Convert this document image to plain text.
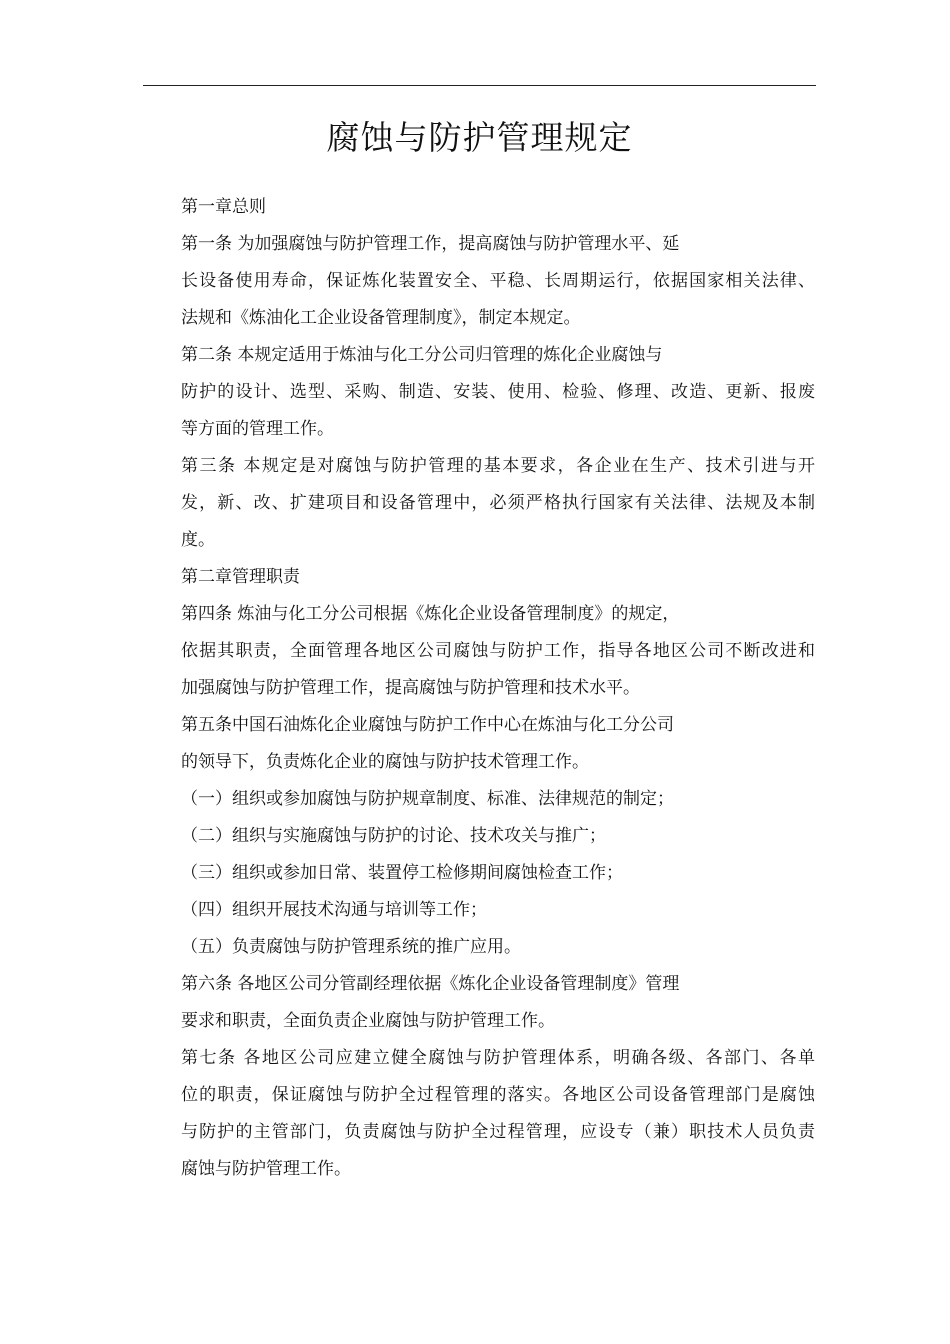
腐蚀与防护管理规定
第一章总则
第一条 为加强腐蚀与防护管理工作，提高腐蚀与防护管理水平、延
长设备使用寿命，保证炼化装置安全、平稳、长周期运行，依据国家相关法律、
法规和《炼油化工企业设备管理制度》，制定本规定。
第二条 本规定适用于炼油与化工分公司归管理的炼化企业腐蚀与
防护的设计、选型、采购、制造、安装、使用、检验、修理、改造、更新、报废
等方面的管理工作。
第三条 本规定是对腐蚀与防护管理的基本要求，各企业在生产、技术引进与开
发，新、改、扩建项目和设备管理中，必须严格执行国家有关法律、法规及本制
度。
第二章管理职责
第四条 炼油与化工分公司根据《炼化企业设备管理制度》的规定，
依据其职责，全面管理各地区公司腐蚀与防护工作，指导各地区公司不断改进和
加强腐蚀与防护管理工作，提高腐蚀与防护管理和技术水平。
第五条中国石油炼化企业腐蚀与防护工作中心在炼油与化工分公司
的领导下，负责炼化企业的腐蚀与防护技术管理工作。
（一）组织或参加腐蚀与防护规章制度、标准、法律规范的制定；
（二）组织与实施腐蚀与防护的讨论、技术攻关与推广；
（三）组织或参加日常、装置停工检修期间腐蚀检查工作；
（四）组织开展技术沟通与培训等工作；
（五）负责腐蚀与防护管理系统的推广应用。
第六条 各地区公司分管副经理依据《炼化企业设备管理制度》管理
要求和职责，全面负责企业腐蚀与防护管理工作。
第七条 各地区公司应建立健全腐蚀与防护管理体系，明确各级、各部门、各单
位的职责，保证腐蚀与防护全过程管理的落实。各地区公司设备管理部门是腐蚀
与防护的主管部门，负责腐蚀与防护全过程管理，应设专（兼）职技术人员负责
腐蚀与防护管理工作。
